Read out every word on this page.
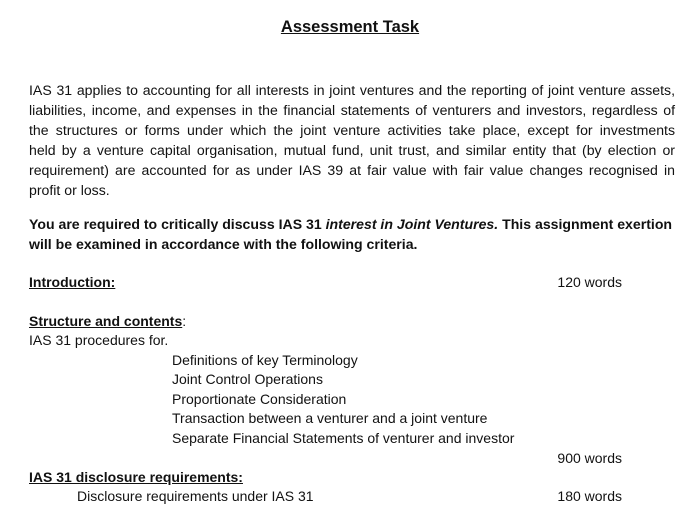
Assessment Task
IAS 31 applies to accounting for all interests in joint ventures and the reporting of joint venture assets,
liabilities, income, and expenses in the financial statements of venturers and investors, regardless of
the structures or forms under which the joint venture activities take place, except for investments
held by a venture capital organisation, mutual fund, unit trust, and similar entity that (by election or
requirement) are accounted for as under IAS 39 at fair value with fair value changes recognised in
profit or loss.
You are required to critically discuss IAS 31 interest in Joint Ventures. This assignment exertion
will be examined in accordance with the following criteria.
Introduction:	120 words
Structure and contents:
IAS 31 procedures for.
Definitions of key Terminology
Joint Control Operations
Proportionate Consideration
Transaction between a venturer and a joint venture
Separate Financial Statements of venturer and investor
900 words
IAS 31 disclosure requirements:
Disclosure requirements under IAS 31	180 words
